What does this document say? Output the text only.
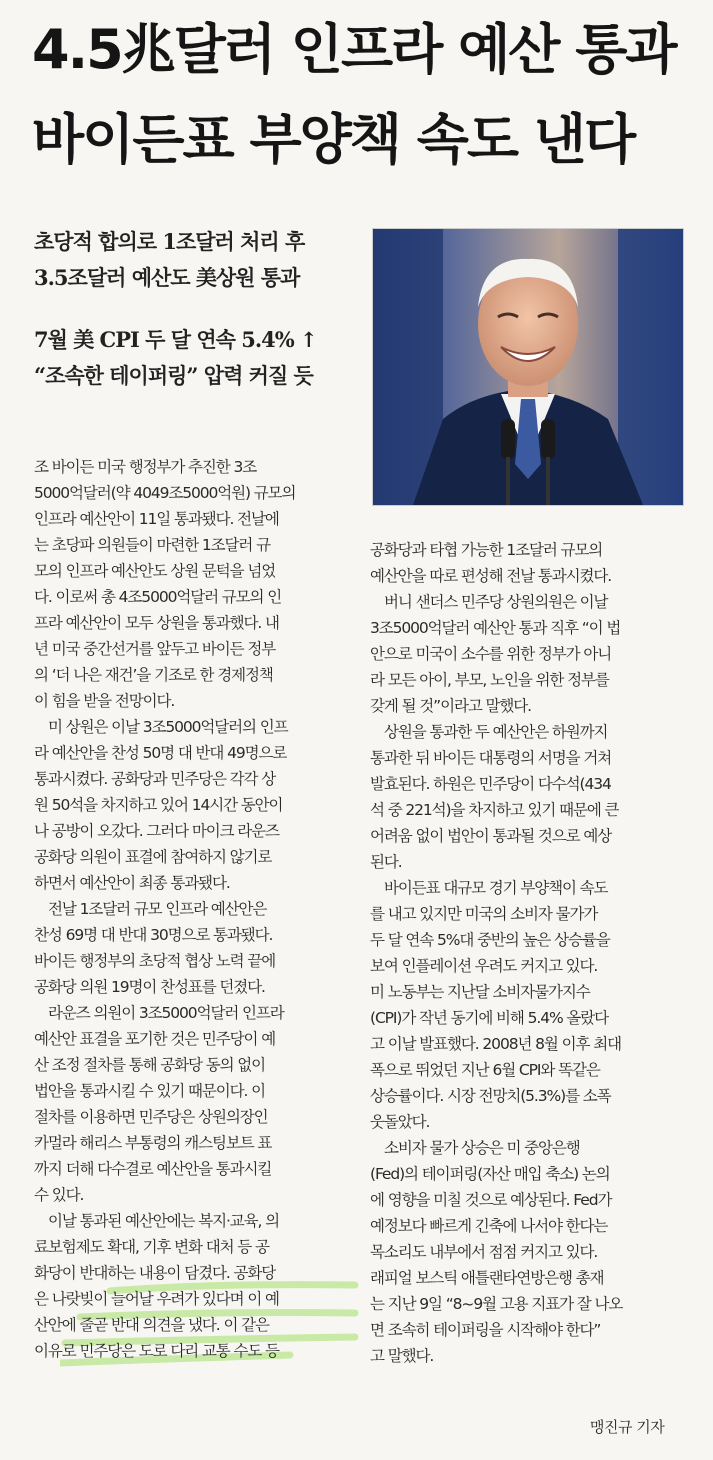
4.5兆달러 인프라 예산 통과
바이든표 부양책 속도 낸다
초당적 합의로 1조달러 처리 후
3.5조달러 예산도 美상원 통과
7월 美 CPI 두 달 연속 5.4% ↑
“조속한 테이퍼링” 압력 커질 듯
조 바이든 미국 행정부가 추진한 3조
5000억달러(약 4049조5000억원) 규모의
인프라 예산안이 11일 통과됐다. 전날에
는 초당파 의원들이 마련한 1조달러 규
모의 인프라 예산안도 상원 문턱을 넘었
다. 이로써 총 4조5000억달러 규모의 인
프라 예산안이 모두 상원을 통과했다. 내
년 미국 중간선거를 앞두고 바이든 정부
의 ‘더 나은 재건’을 기조로 한 경제정책
이 힘을 받을 전망이다.
미 상원은 이날 3조5000억달러의 인프
라 예산안을 찬성 50명 대 반대 49명으로
통과시켰다. 공화당과 민주당은 각각 상
원 50석을 차지하고 있어 14시간 동안이
나 공방이 오갔다. 그러다 마이크 라운즈
공화당 의원이 표결에 참여하지 않기로
하면서 예산안이 최종 통과됐다.
전날 1조달러 규모 인프라 예산안은
찬성 69명 대 반대 30명으로 통과됐다.
바이든 행정부의 초당적 협상 노력 끝에
공화당 의원 19명이 찬성표를 던졌다.
라운즈 의원이 3조5000억달러 인프라
예산안 표결을 포기한 것은 민주당이 예
산 조정 절차를 통해 공화당 동의 없이
법안을 통과시킬 수 있기 때문이다. 이
절차를 이용하면 민주당은 상원의장인
카멀라 해리스 부통령의 캐스팅보트 표
까지 더해 다수결로 예산안을 통과시킬
수 있다.
이날 통과된 예산안에는 복지·교육, 의
료보험제도 확대, 기후 변화 대처 등 공
화당이 반대하는 내용이 담겼다. 공화당
은 나랏빚이 늘어날 우려가 있다며 이 예
산안에 줄곧 반대 의견을 냈다. 이 같은
이유로 민주당은 도로 다리 교통 수도 등
공화당과 타협 가능한 1조달러 규모의
예산안을 따로 편성해 전날 통과시켰다.
버니 샌더스 민주당 상원의원은 이날
3조5000억달러 예산안 통과 직후 “이 법
안으로 미국이 소수를 위한 정부가 아니
라 모든 아이, 부모, 노인을 위한 정부를
갖게 될 것”이라고 말했다.
상원을 통과한 두 예산안은 하원까지
통과한 뒤 바이든 대통령의 서명을 거쳐
발효된다. 하원은 민주당이 다수석(434
석 중 221석)을 차지하고 있기 때문에 큰
어려움 없이 법안이 통과될 것으로 예상
된다.
바이든표 대규모 경기 부양책이 속도
를 내고 있지만 미국의 소비자 물가가
두 달 연속 5%대 중반의 높은 상승률을
보여 인플레이션 우려도 커지고 있다.
미 노동부는 지난달 소비자물가지수
(CPI)가 작년 동기에 비해 5.4% 올랐다
고 이날 발표했다. 2008년 8월 이후 최대
폭으로 뛰었던 지난 6월 CPI와 똑같은
상승률이다. 시장 전망치(5.3%)를 소폭
웃돌았다.
소비자 물가 상승은 미 중앙은행
(Fed)의 테이퍼링(자산 매입 축소) 논의
에 영향을 미칠 것으로 예상된다. Fed가
예정보다 빠르게 긴축에 나서야 한다는
목소리도 내부에서 점점 커지고 있다.
래피얼 보스틱 애틀랜타연방은행 총재
는 지난 9일 “8~9월 고용 지표가 잘 나오
면 조속히 테이퍼링을 시작해야 한다”
고 말했다.
맹진규 기자
